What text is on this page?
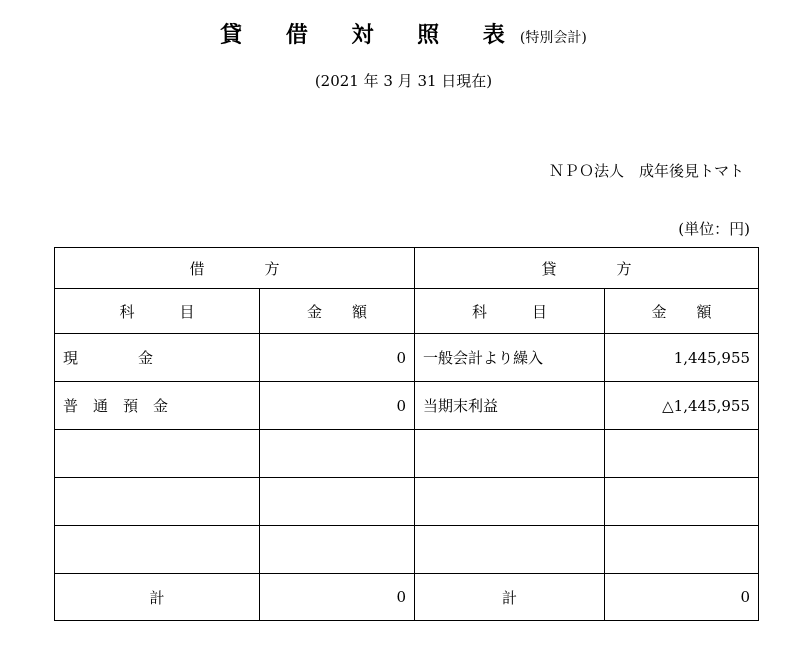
貸 借 対 照 表 (特別会計)
(2021 年 3 月 31 日現在)
ＮＰＯ法人　成年後見トマト
(単位：円)
借　　　　方		貸　　　　方	
科　　　目	金　　額	科　　　目	金　　額
現　　　　金	0	一般会計より繰入	1,445,955
普　通　預　金	0	当期末利益	△1,445,955

計	0	計	0
